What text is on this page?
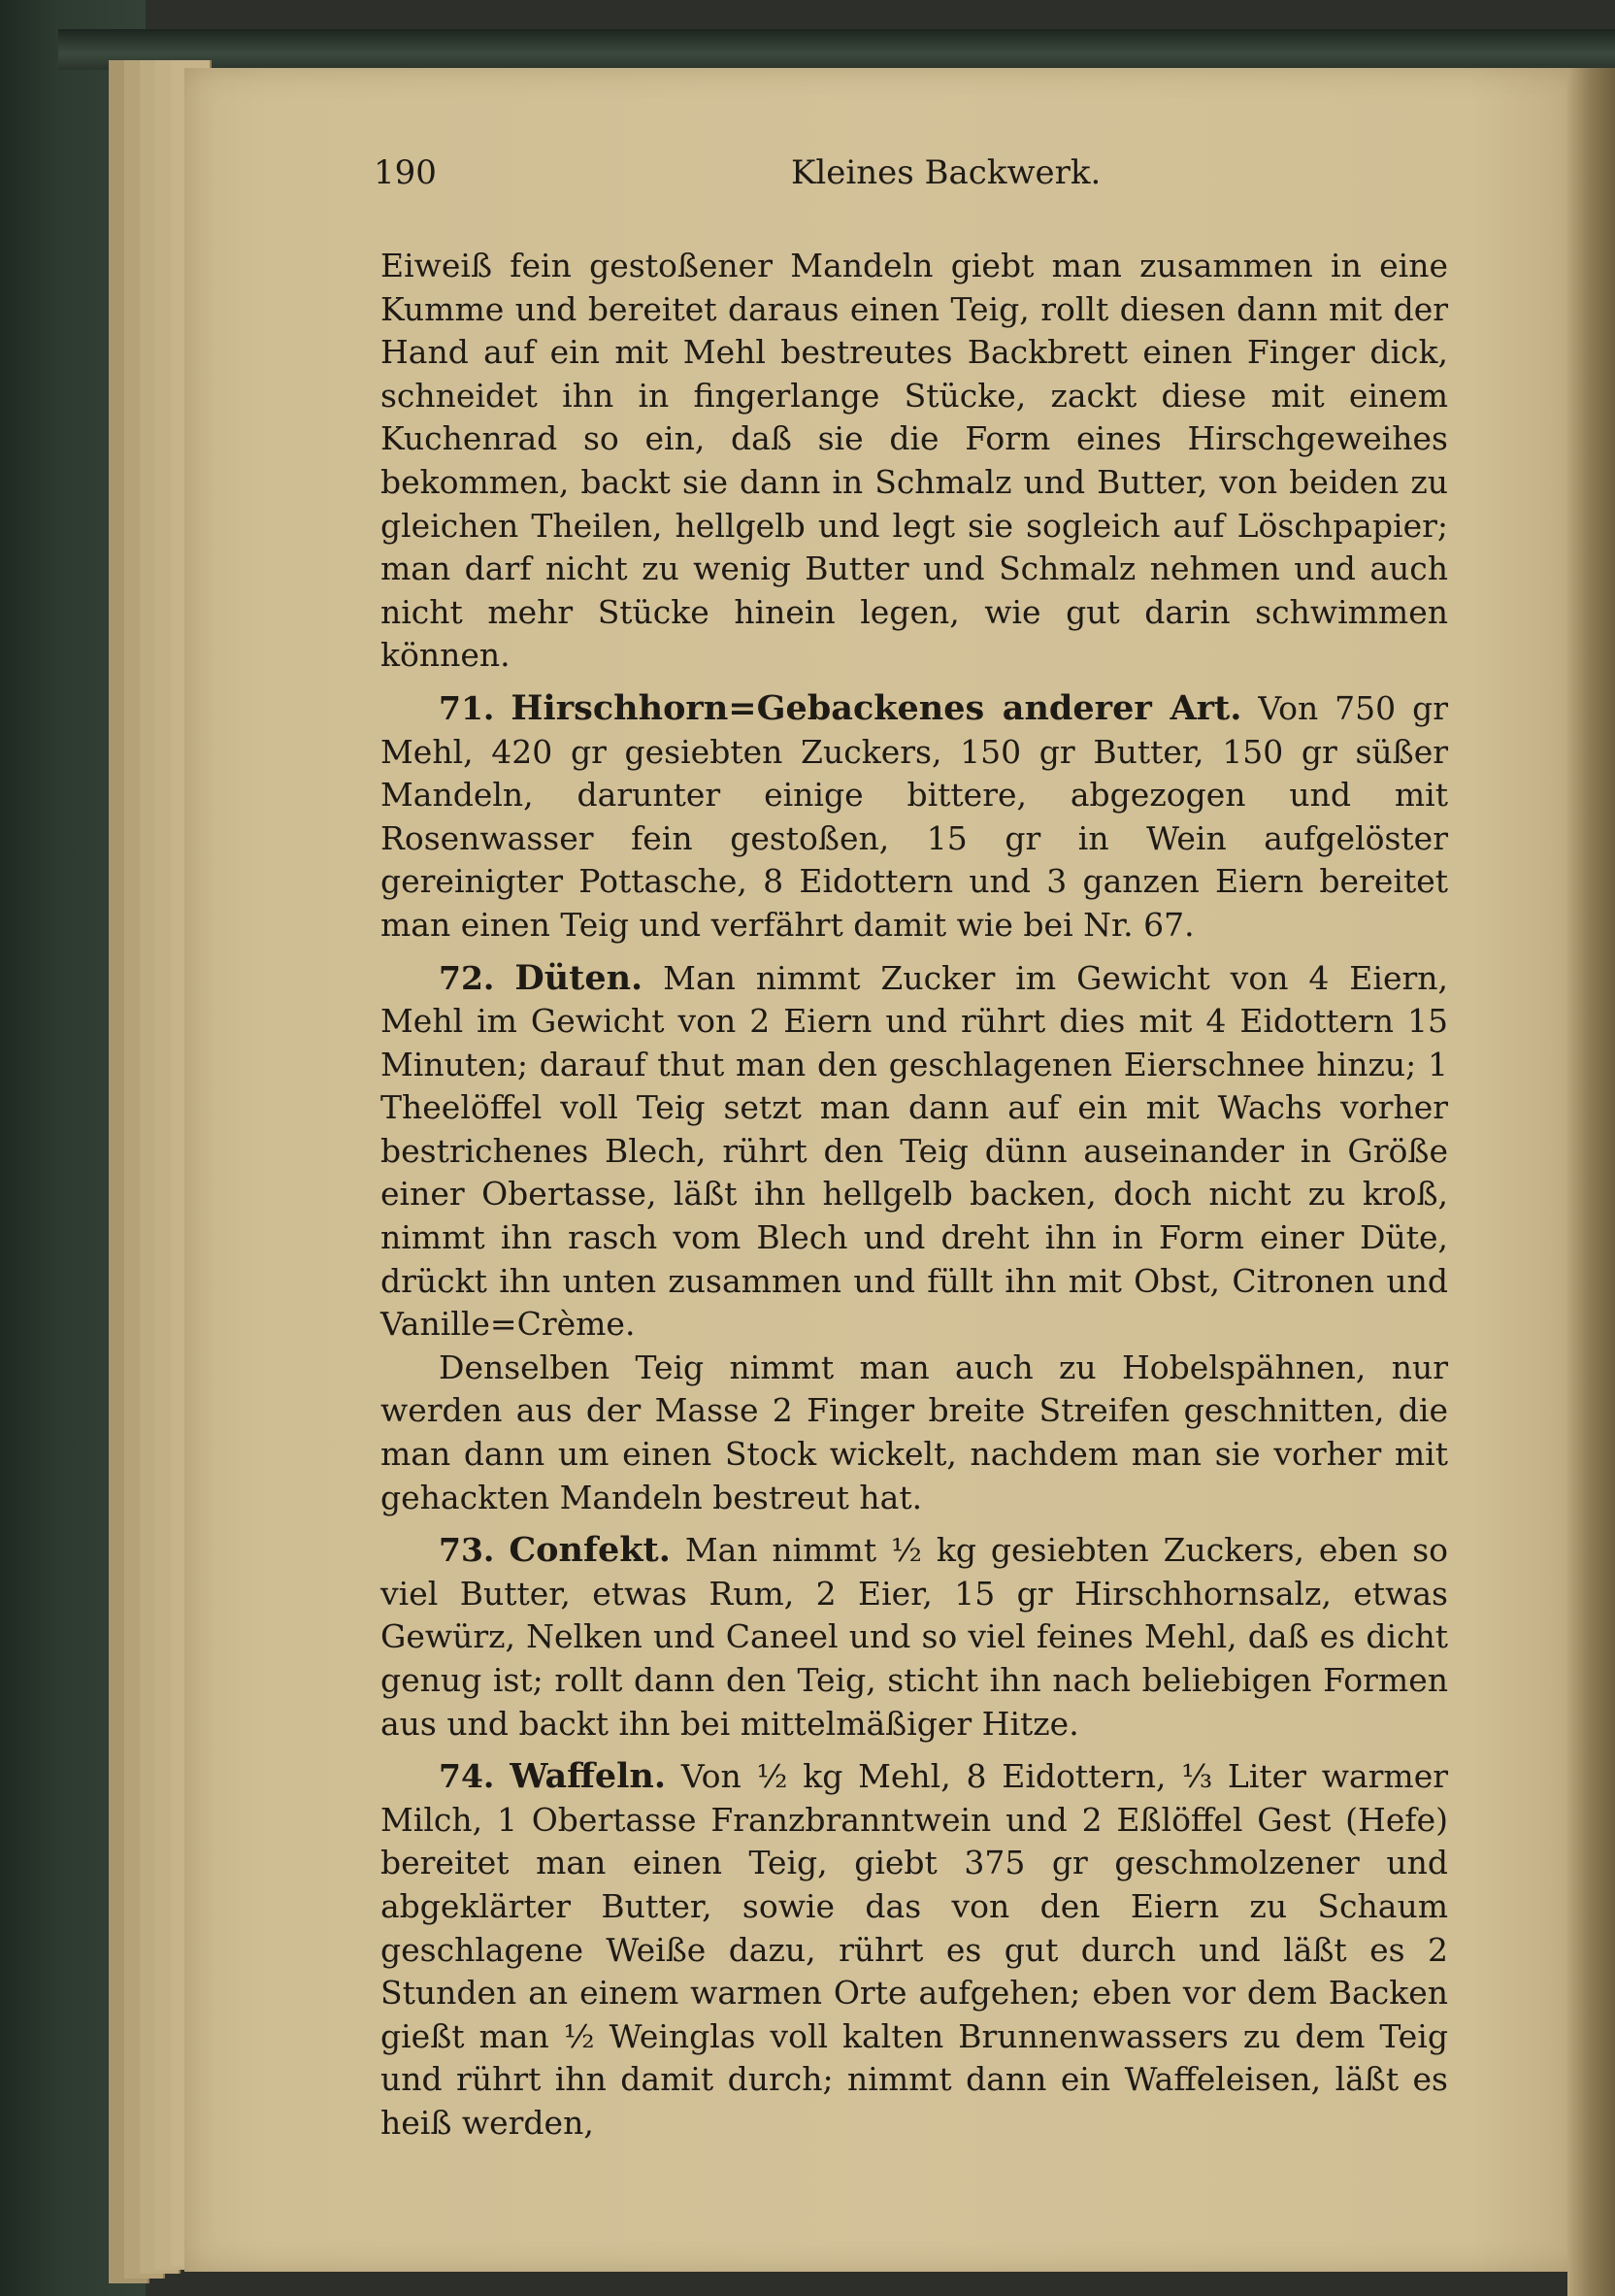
190	Kleines Backwerk.

Eiweiß fein gestoßener Mandeln giebt man zusammen in eine Kumme und bereitet daraus einen Teig, rollt diesen dann mit der Hand auf ein mit Mehl bestreutes Backbrett einen Finger dick, schneidet ihn in fingerlange Stücke, zackt diese mit einem Kuchenrad so ein, daß sie die Form eines Hirschgeweihes bekommen, backt sie dann in Schmalz und Butter, von beiden zu gleichen Theilen, hellgelb und legt sie sogleich auf Löschpapier; man darf nicht zu wenig Butter und Schmalz nehmen und auch nicht mehr Stücke hinein legen, wie gut darin schwimmen können.

71. Hirschhorn=Gebackenes anderer Art. Von 750 gr Mehl, 420 gr gesiebten Zuckers, 150 gr Butter, 150 gr süßer Mandeln, darunter einige bittere, abgezogen und mit Rosenwasser fein gestoßen, 15 gr in Wein aufgelöster gereinigter Pottasche, 8 Eidottern und 3 ganzen Eiern bereitet man einen Teig und verfährt damit wie bei Nr. 67.

72. Düten. Man nimmt Zucker im Gewicht von 4 Eiern, Mehl im Gewicht von 2 Eiern und rührt dies mit 4 Eidottern 15 Minuten; darauf thut man den geschlagenen Eierschnee hinzu; 1 Theelöffel voll Teig setzt man dann auf ein mit Wachs vorher bestrichenes Blech, rührt den Teig dünn auseinander in Größe einer Obertasse, läßt ihn hellgelb backen, doch nicht zu kroß, nimmt ihn rasch vom Blech und dreht ihn in Form einer Düte, drückt ihn unten zusammen und füllt ihn mit Obst, Citronen und Vanille=Crème.

Denselben Teig nimmt man auch zu Hobelspähnen, nur werden aus der Masse 2 Finger breite Streifen geschnitten, die man dann um einen Stock wickelt, nachdem man sie vorher mit gehackten Mandeln bestreut hat.

73. Confekt. Man nimmt ½ kg gesiebten Zuckers, eben so viel Butter, etwas Rum, 2 Eier, 15 gr Hirschhornsalz, etwas Gewürz, Nelken und Caneel und so viel feines Mehl, daß es dicht genug ist; rollt dann den Teig, sticht ihn nach beliebigen Formen aus und backt ihn bei mittelmäßiger Hitze.

74. Waffeln. Von ½ kg Mehl, 8 Eidottern, ⅓ Liter warmer Milch, 1 Obertasse Franzbranntwein und 2 Eßlöffel Gest (Hefe) bereitet man einen Teig, giebt 375 gr geschmolzener und abgeklärter Butter, sowie das von den Eiern zu Schaum geschlagene Weiße dazu, rührt es gut durch und läßt es 2 Stunden an einem warmen Orte aufgehen; eben vor dem Backen gießt man ½ Weinglas voll kalten Brunnenwassers zu dem Teig und rührt ihn damit durch; nimmt dann ein Waffeleisen, läßt es heiß werden,
